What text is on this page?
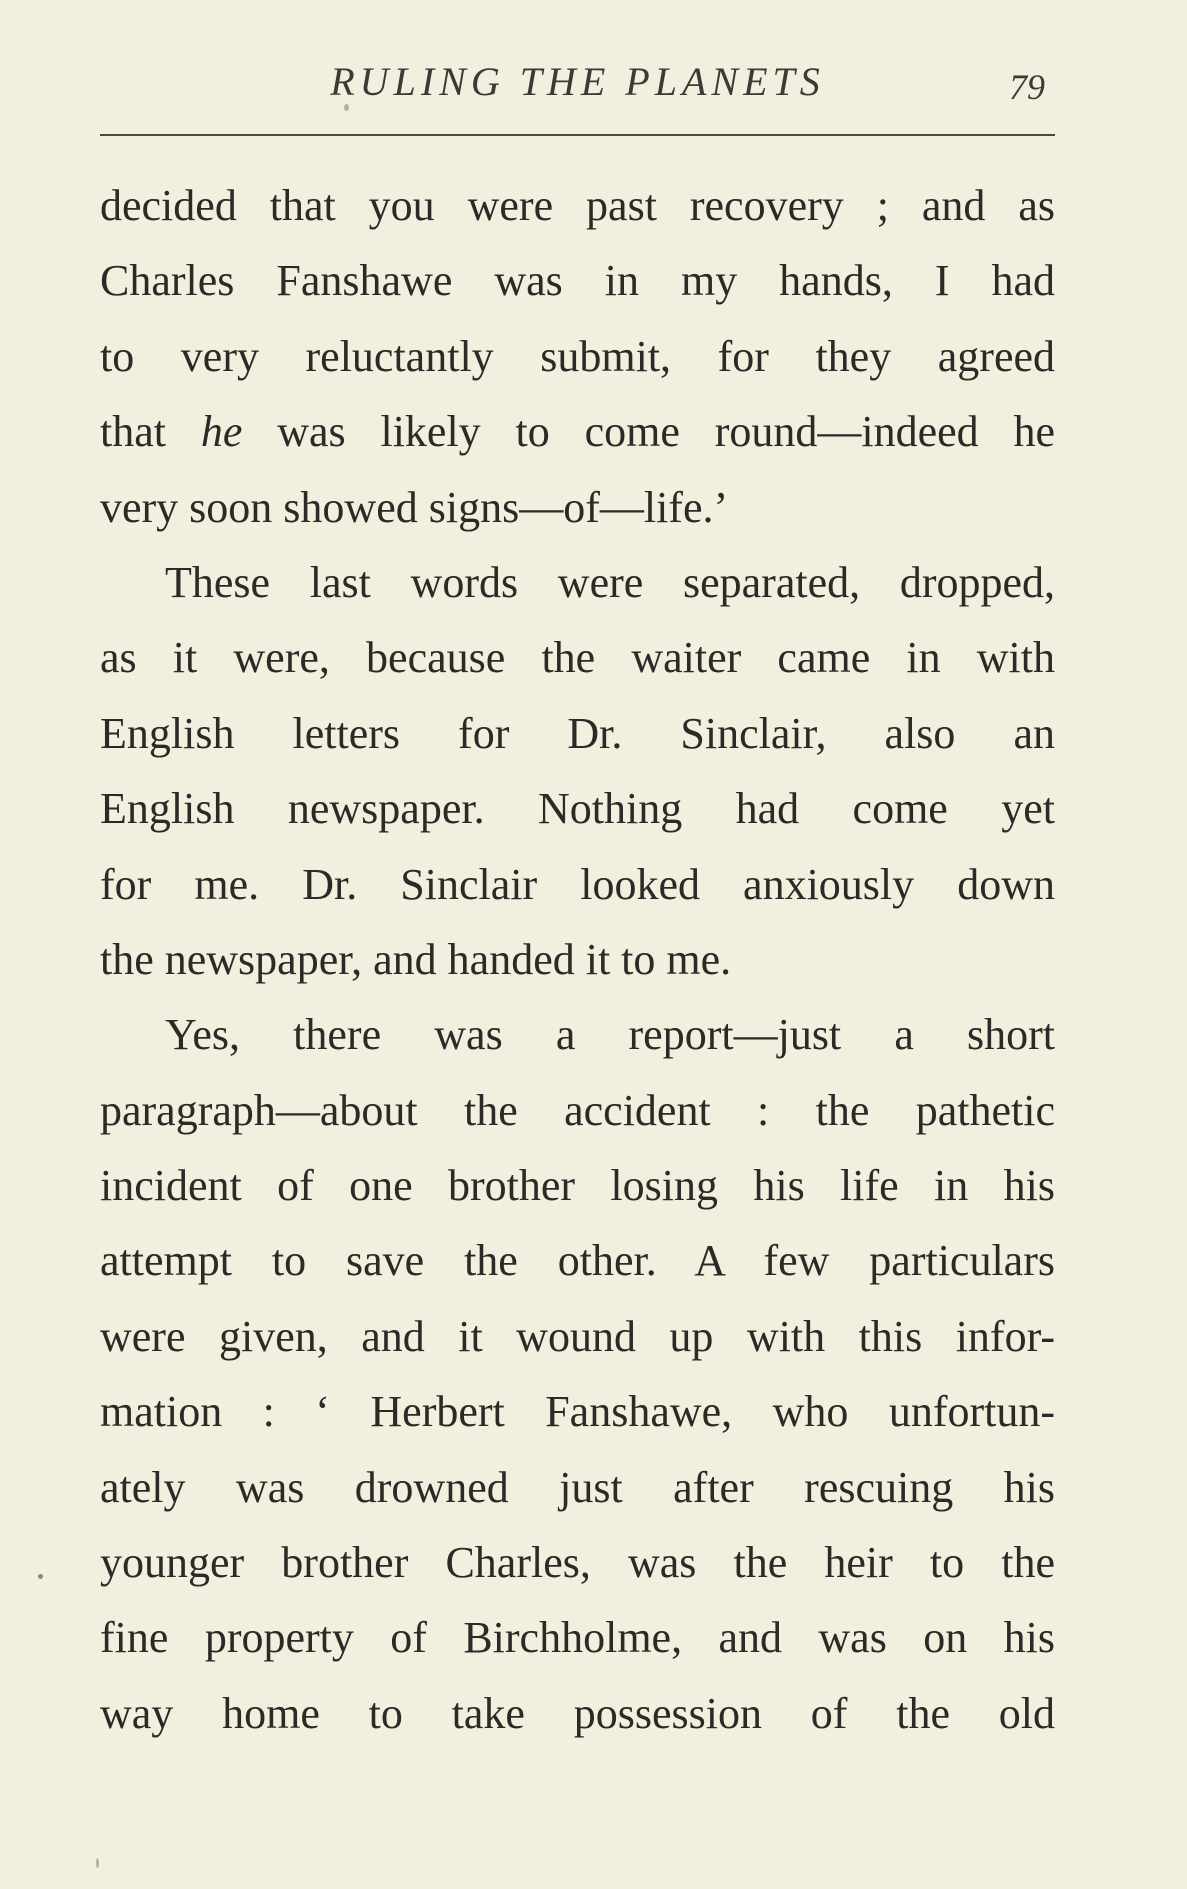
RULING THE PLANETS	79
decided that you were past recovery ; and as
Charles Fanshawe was in my hands, I had
to very reluctantly submit, for they agreed
that he was likely to come round—indeed he
very soon showed signs—of—life.’
These last words were separated, dropped,
as it were, because the waiter came in with
English letters for Dr. Sinclair, also an
English newspaper. Nothing had come yet
for me. Dr. Sinclair looked anxiously down
the newspaper, and handed it to me.
Yes, there was a report—just a short
paragraph—about the accident : the pathetic
incident of one brother losing his life in his
attempt to save the other. A few particulars
were given, and it wound up with this infor-
mation : ‘ Herbert Fanshawe, who unfortun-
ately was drowned just after rescuing his
younger brother Charles, was the heir to the
fine property of Birchholme, and was on his
way home to take possession of the old
